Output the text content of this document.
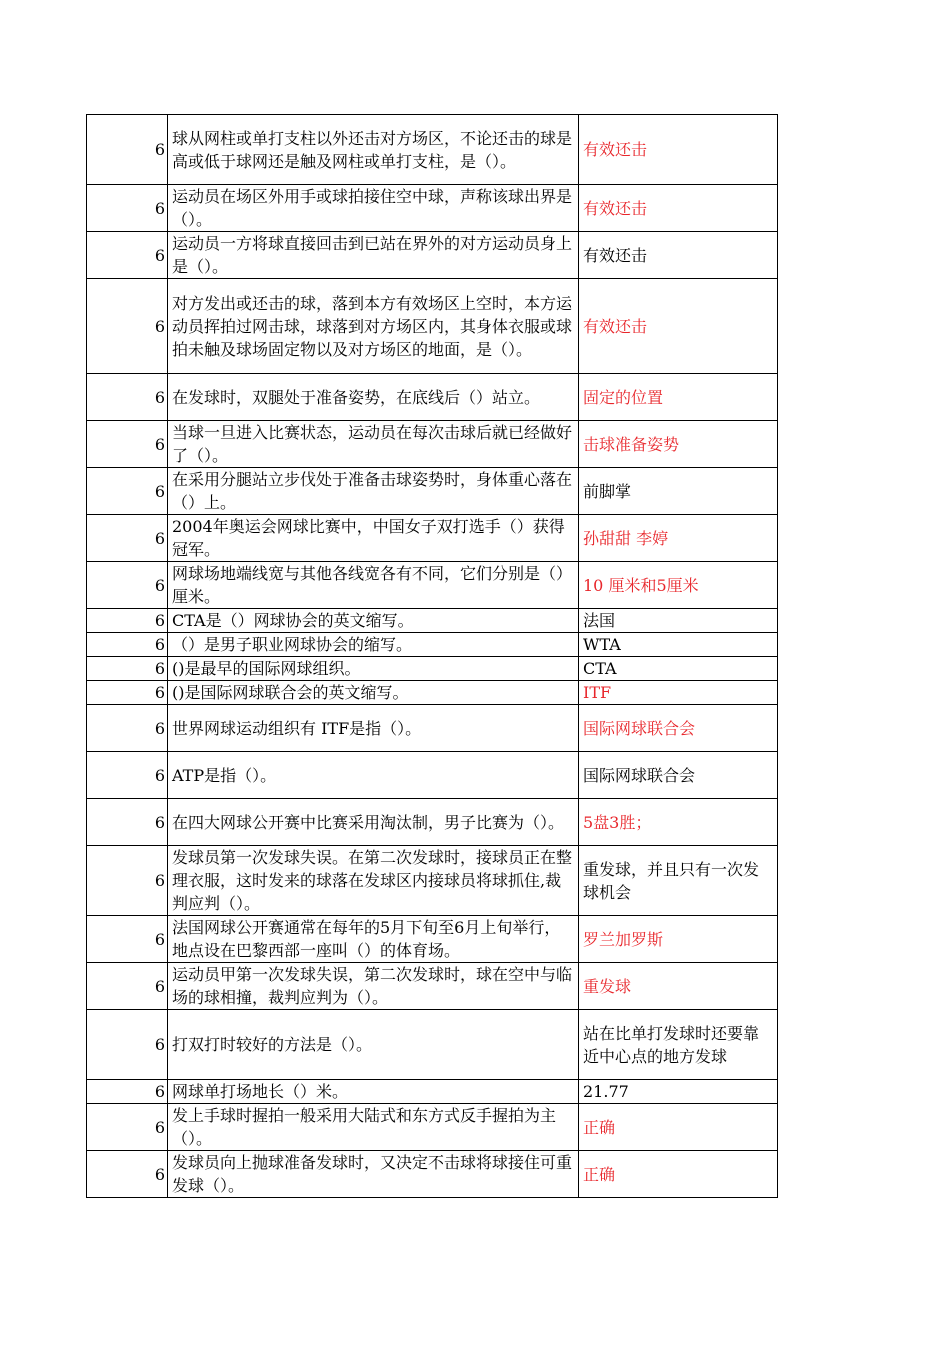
6	球从网柱或单打支柱以外还击对方场区，不论还击的球是高或低于球网还是触及网柱或单打支柱，是（）。	有效还击
6	运动员在场区外用手或球拍接住空中球，声称该球出界是（）。	有效还击
6	运动员一方将球直接回击到已站在界外的对方运动员身上是（）。	有效还击
6	对方发出或还击的球，落到本方有效场区上空时，本方运动员挥拍过网击球，球落到对方场区内，其身体衣服或球拍未触及球场固定物以及对方场区的地面，是（）。	有效还击
6	在发球时，双腿处于准备姿势，在底线后（）站立。	固定的位置
6	当球一旦进入比赛状态，运动员在每次击球后就已经做好了（）。	击球准备姿势
6	在采用分腿站立步伐处于准备击球姿势时，身体重心落在（）上。	前脚掌
6	2004年奥运会网球比赛中，中国女子双打选手（）获得冠军。	孙甜甜 李婷
6	网球场地端线宽与其他各线宽各有不同，它们分别是（）厘米。	10 厘米和5厘米
6	CTA是（）网球协会的英文缩写。	法国
6	（）是男子职业网球协会的缩写。	WTA
6	()是最早的国际网球组织。	CTA
6	()是国际网球联合会的英文缩写。	ITF
6	世界网球运动组织有 ITF是指（）。	国际网球联合会
6	ATP是指（）。	国际网球联合会
6	在四大网球公开赛中比赛采用淘汰制，男子比赛为（）。	5盘3胜；
6	发球员第一次发球失误。在第二次发球时，接球员正在整理衣服，这时发来的球落在发球区内接球员将球抓住,裁判应判（）。	重发球，并且只有一次发球机会
6	法国网球公开赛通常在每年的5月下旬至6月上旬举行，地点设在巴黎西部一座叫（）的体育场。	罗兰加罗斯
6	运动员甲第一次发球失误，第二次发球时，球在空中与临场的球相撞，裁判应判为（）。	重发球
6	打双打时较好的方法是（）。	站在比单打发球时还要靠近中心点的地方发球
6	网球单打场地长（）米。	21.77
6	发上手球时握拍一般采用大陆式和东方式反手握拍为主（）。	正确
6	发球员向上抛球准备发球时，又决定不击球将球接住可重发球（）。	正确
